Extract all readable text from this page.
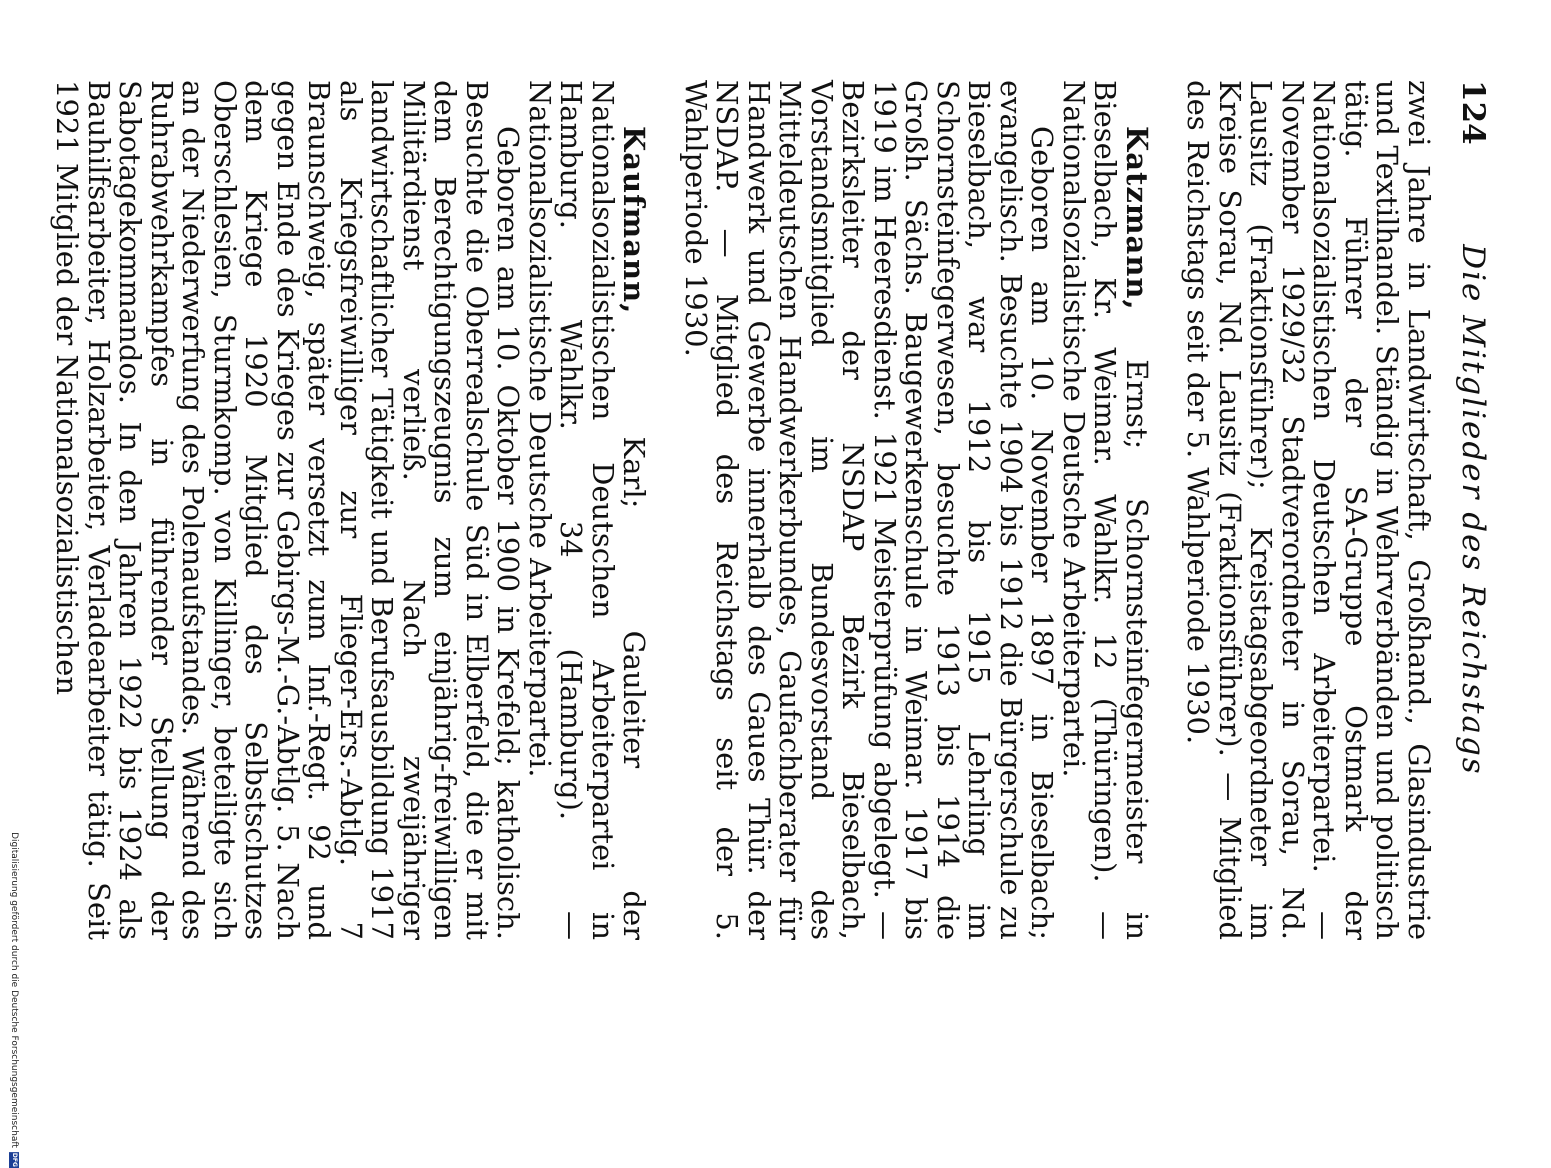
124
Die Mitglieder des Reichstags

zwei Jahre in Landwirtschaft, Großhand., Glasindustrie und Textilhandel. Ständig in Wehrverbänden und politisch tätig. Führer der SA-Gruppe Ostmark der Nationalsozialistischen Deutschen Arbeiterpartei. — November 1929/32 Stadtverordneter in Sorau, Nd. Lausitz (Fraktionsführer); Kreistagsabgeordneter im Kreise Sorau, Nd. Lausitz (Fraktionsführer). — Mitglied des Reichstags seit der 5. Wahlperiode 1930.

Katzmann, Ernst; Schornsteinfegermeister in Bieselbach, Kr. Weimar. Wahlkr. 12 (Thüringen). — Nationalsozialistische Deutsche Arbeiterpartei.

Geboren am 10. November 1897 in Bieselbach; evangelisch. Besuchte 1904 bis 1912 die Bürgerschule zu Bieselbach, war 1912 bis 1915 Lehrling im Schornsteinfegerwesen, besuchte 1913 bis 1914 die Großh. Sächs. Baugewerkenschule in Weimar. 1917 bis 1919 im Heeresdienst. 1921 Meisterprüfung abgelegt. — Bezirksleiter der NSDAP Bezirk Bieselbach, Vorstandsmitglied im Bundesvorstand des Mitteldeutschen Handwerkerbundes, Gaufachberater für Handwerk und Gewerbe innerhalb des Gaues Thür. der NSDAP. — Mitglied des Reichstags seit der 5. Wahlperiode 1930.

Kaufmann, Karl; Gauleiter der Nationalsozialistischen Deutschen Arbeiterpartei in Hamburg. Wahlkr. 34 (Hamburg). — Nationalsozialistische Deutsche Arbeiterpartei.

Geboren am 10. Oktober 1900 in Krefeld; katholisch. Besuchte die Oberrealschule Süd in Elberfeld, die er mit dem Berechtigungszeugnis zum einjährig-freiwilligen Militärdienst verließ. Nach zweijähriger landwirtschaftlicher Tätigkeit und Berufsausbildung 1917 als Kriegsfreiwilliger zur Flieger-Ers.-Abtlg. 7 Braunschweig, später versetzt zum Inf.-Regt. 92 und gegen Ende des Krieges zur Gebirgs-M.-G.-Abtlg. 5. Nach dem Kriege 1920 Mitglied des Selbstschutzes Oberschlesien, Sturmkomp. von Killinger, beteiligte sich an der Niederwerfung des Polenaufstandes. Während des Ruhrabwehrkampfes in führender Stellung der Sabotagekommandos. In den Jahren 1922 bis 1924 als Bauhilfsarbeiter, Holzarbeiter, Verladearbeiter tätig. Seit 1921 Mitglied der Nationalsozialistischen

Digitalisierung gefördert durch die Deutsche Forschungsgemeinschaft
DFG
